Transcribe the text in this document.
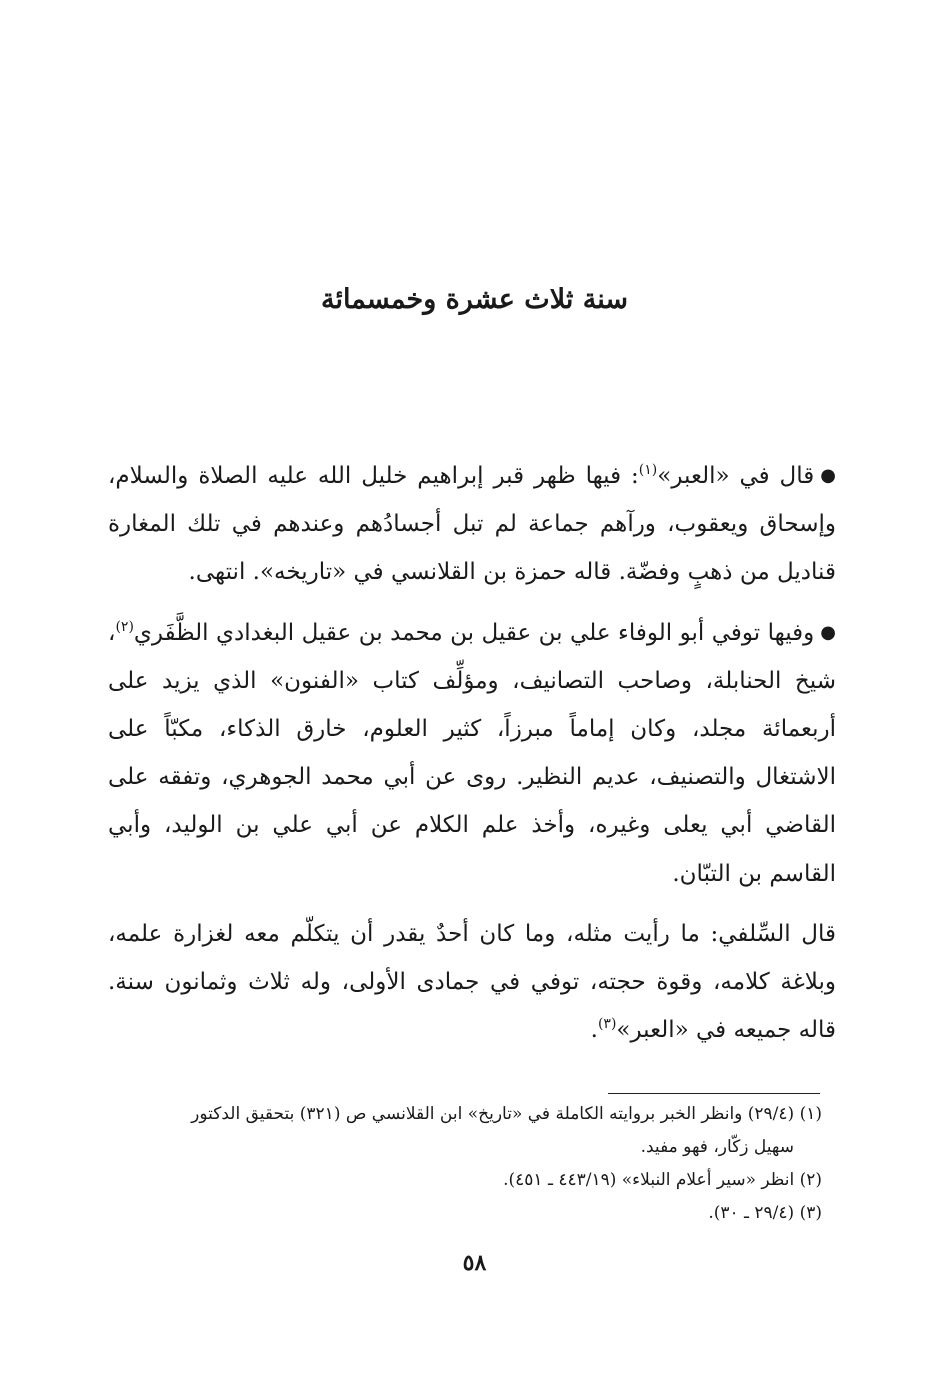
سنة ثلاث عشرة وخمسمائة

●قال في «العبر»$^{(١)}$: فيها ظهر قبر إبراهيم خليل الله عليه الصلاة والسلام، وإسحاق ويعقوب، ورآهم جماعة لم تبل أجسادُهم وعندهم في تلك المغارة قناديل من ذهبٍ وفضّة. قاله حمزة بن القلانسي في «تاريخه». انتهى.

●وفيها توفي أبو الوفاء علي بن عقيل بن محمد بن عقيل البغدادي الظَّفَري$^{(٢)}$، شيخ الحنابلة، وصاحب التصانيف، ومؤلِّف كتاب «الفنون» الذي يزيد على أربعمائة مجلد، وكان إماماً مبرزاً، كثير العلوم، خارق الذكاء، مكبّاً على الاشتغال والتصنيف، عديم النظير. روى عن أبي محمد الجوهري، وتفقه على القاضي أبي يعلى وغيره، وأخذ علم الكلام عن أبي علي بن الوليد، وأبي القاسم بن التبّان.

قال السِّلفي: ما رأيت مثله، وما كان أحدٌ يقدر أن يتكلّم معه لغزارة علمه، وبلاغة كلامه، وقوة حجته، توفي في جمادى الأولى، وله ثلاث وثمانون سنة. قاله جميعه في «العبر»$^{(٣)}$.

(١) (٢٩/٤) وانظر الخبر بروايته الكاملة في «تاريخ» ابن القلانسي ص (٣٢١) بتحقيق الدكتور

سهيل زكّار، فهو مفيد.

(٢) انظر «سير أعلام النبلاء» (٤٤٣/١٩ ـ ٤٥١).

(٣) (٢٩/٤ ـ ٣٠).

٥٨
